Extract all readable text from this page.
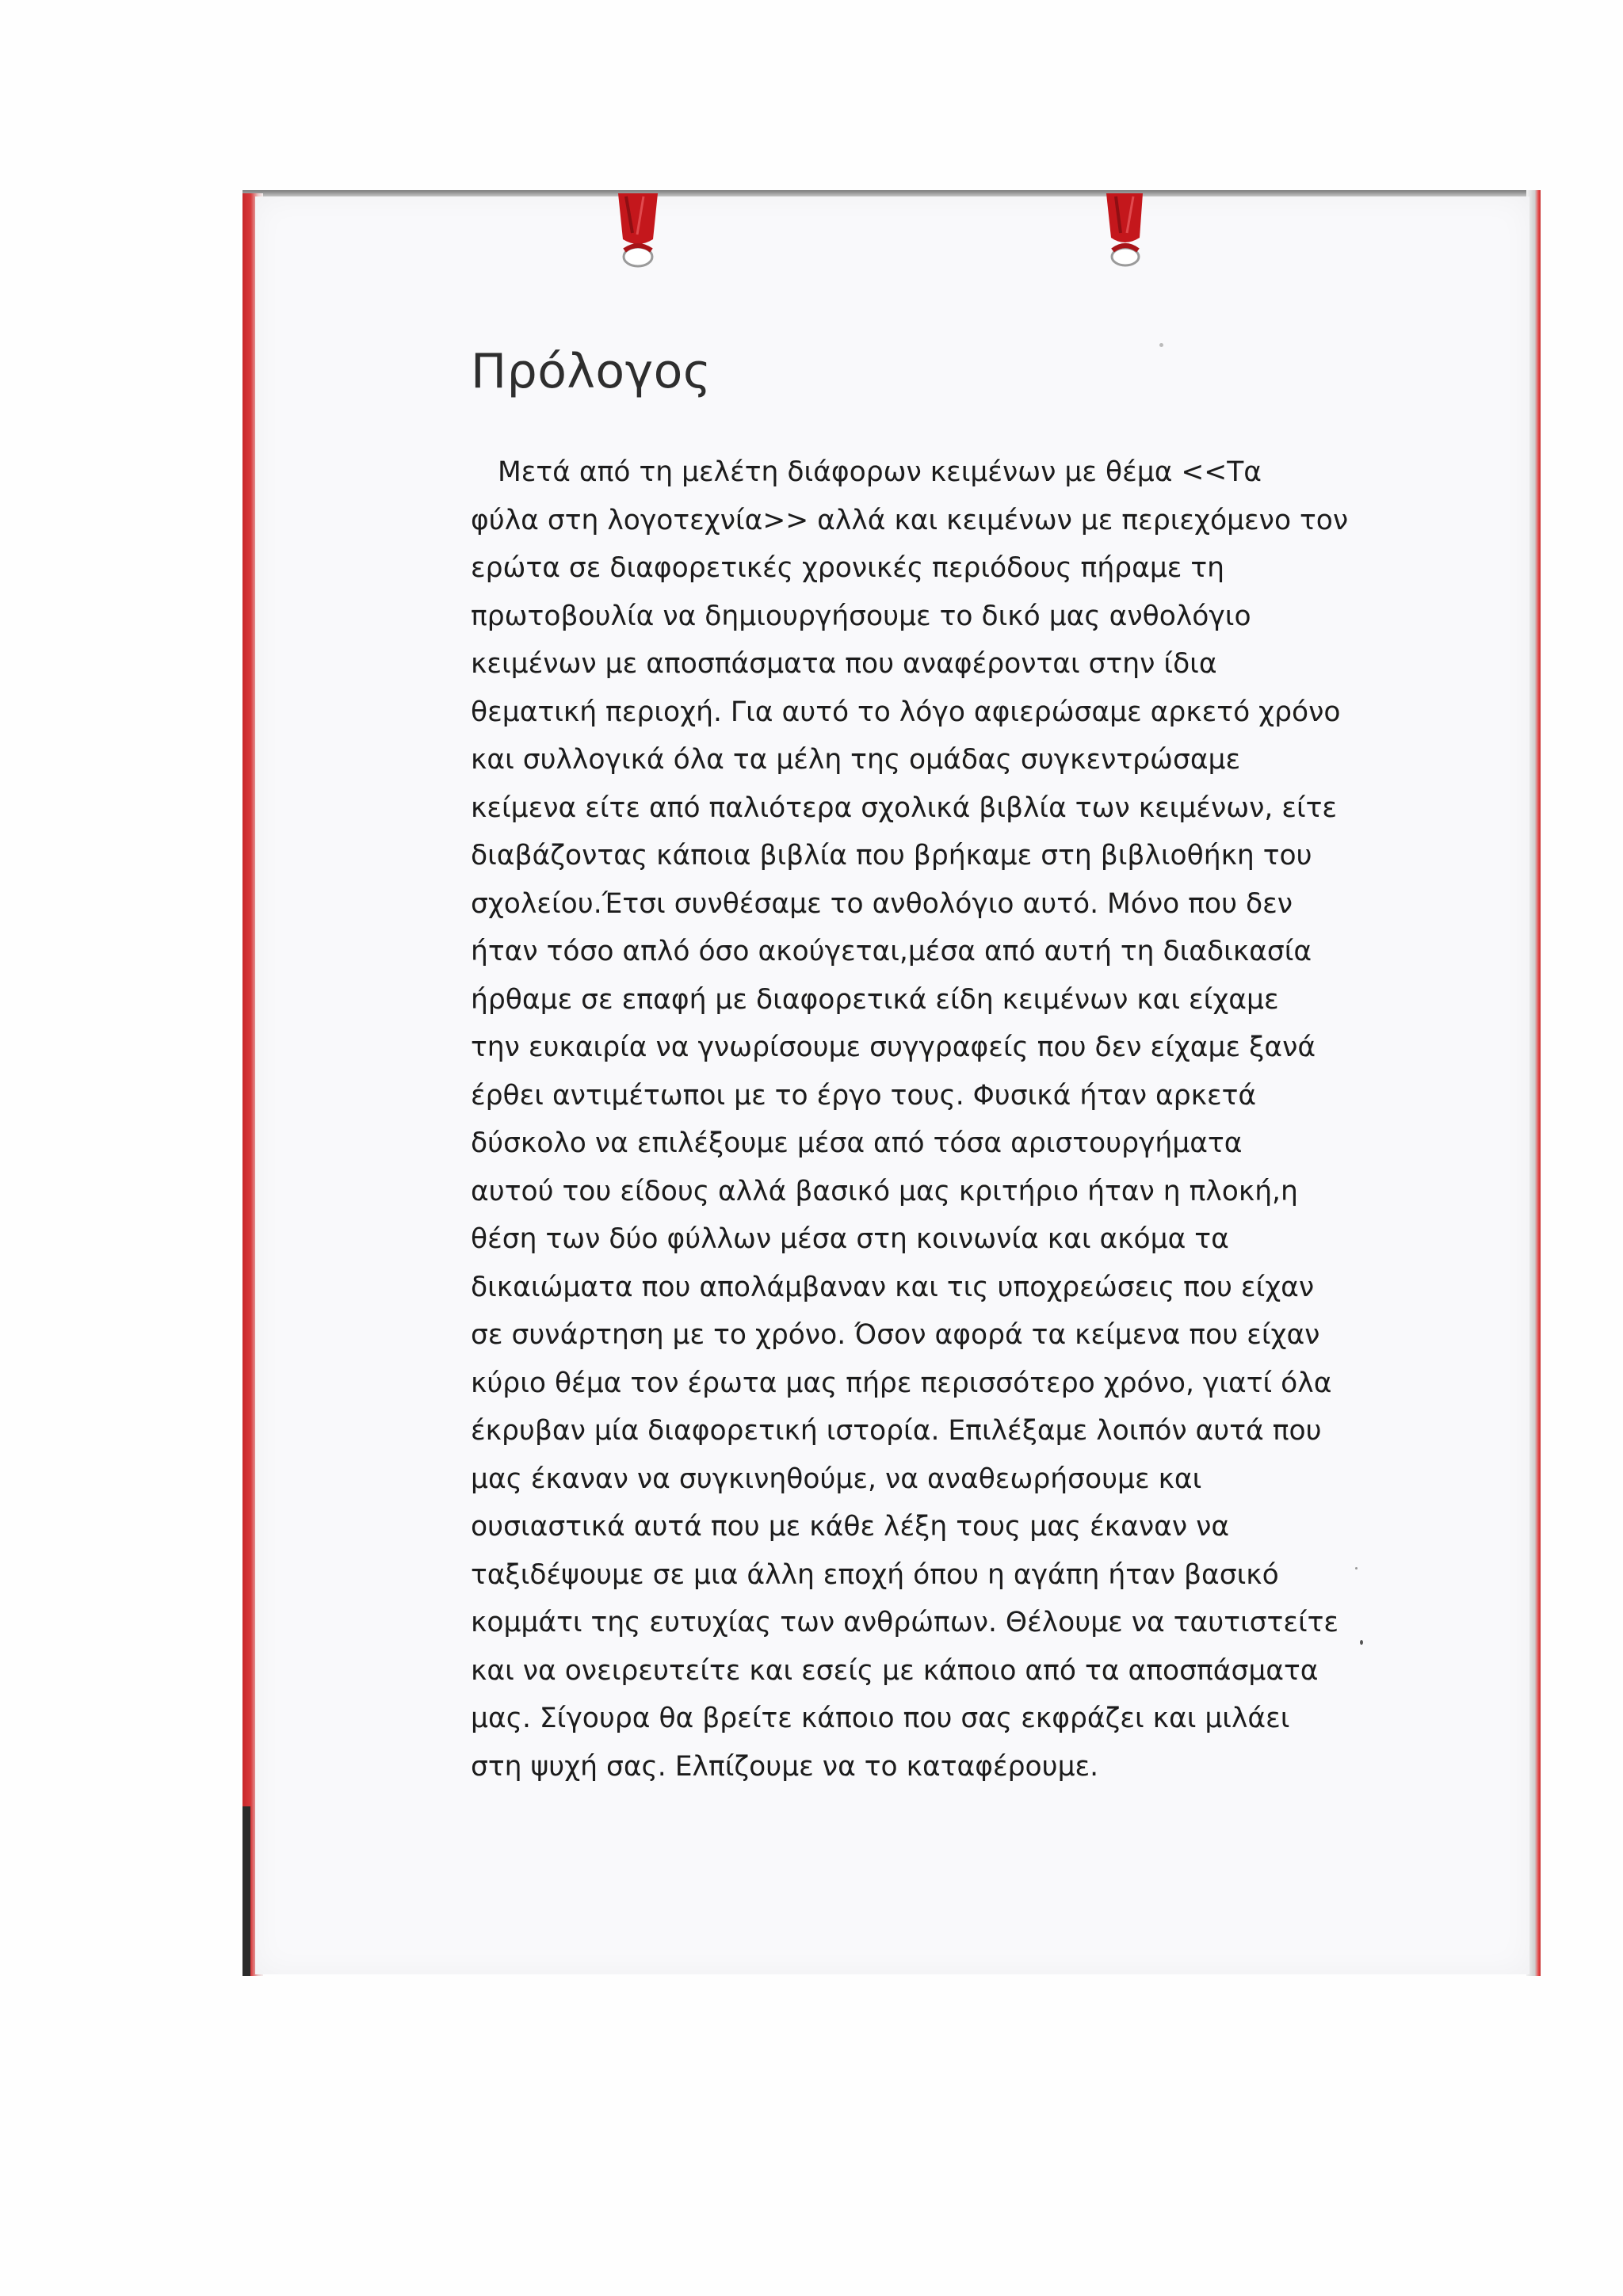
Πρόλογος
Μετά από τη μελέτη διάφορων κειμένων με θέμα <<Τα
φύλα στη λογοτεχνία>> αλλά και κειμένων με περιεχόμενο τον
ερώτα σε διαφορετικές χρονικές περιόδους πήραμε τη
πρωτοβουλία να δημιουργήσουμε το δικό μας ανθολόγιο
κειμένων με αποσπάσματα που αναφέρονται στην ίδια
θεματική περιοχή. Για αυτό το λόγο αφιερώσαμε αρκετό χρόνο
και συλλογικά όλα τα μέλη της ομάδας συγκεντρώσαμε
κείμενα είτε από παλιότερα σχολικά βιβλία των κειμένων, είτε
διαβάζοντας κάποια βιβλία που βρήκαμε στη βιβλιοθήκη του
σχολείου.Έτσι συνθέσαμε το ανθολόγιο αυτό. Μόνο που δεν
ήταν τόσο απλό όσο ακούγεται,μέσα από αυτή τη διαδικασία
ήρθαμε σε επαφή με διαφορετικά είδη κειμένων και είχαμε
την ευκαιρία να γνωρίσουμε συγγραφείς που δεν είχαμε ξανά
έρθει αντιμέτωποι με το έργο τους. Φυσικά ήταν αρκετά
δύσκολο να επιλέξουμε μέσα από τόσα αριστουργήματα
αυτού του είδους αλλά βασικό μας κριτήριο ήταν η πλοκή,η
θέση των δύο φύλλων μέσα στη κοινωνία και ακόμα τα
δικαιώματα που απολάμβαναν και τις υποχρεώσεις που είχαν
σε συνάρτηση με το χρόνο. Όσον αφορά τα κείμενα που είχαν
κύριο θέμα τον έρωτα μας πήρε περισσότερο χρόνο, γιατί όλα
έκρυβαν μία διαφορετική ιστορία. Επιλέξαμε λοιπόν αυτά που
μας έκαναν να συγκινηθούμε, να αναθεωρήσουμε και
ουσιαστικά αυτά που με κάθε λέξη τους μας έκαναν να
ταξιδέψουμε σε μια άλλη εποχή όπου η αγάπη ήταν βασικό
κομμάτι της ευτυχίας των ανθρώπων. Θέλουμε να ταυτιστείτε
και να ονειρευτείτε και εσείς με κάποιο από τα αποσπάσματα
μας. Σίγουρα θα βρείτε κάποιο που σας εκφράζει και μιλάει
στη ψυχή σας. Ελπίζουμε να το καταφέρουμε.
